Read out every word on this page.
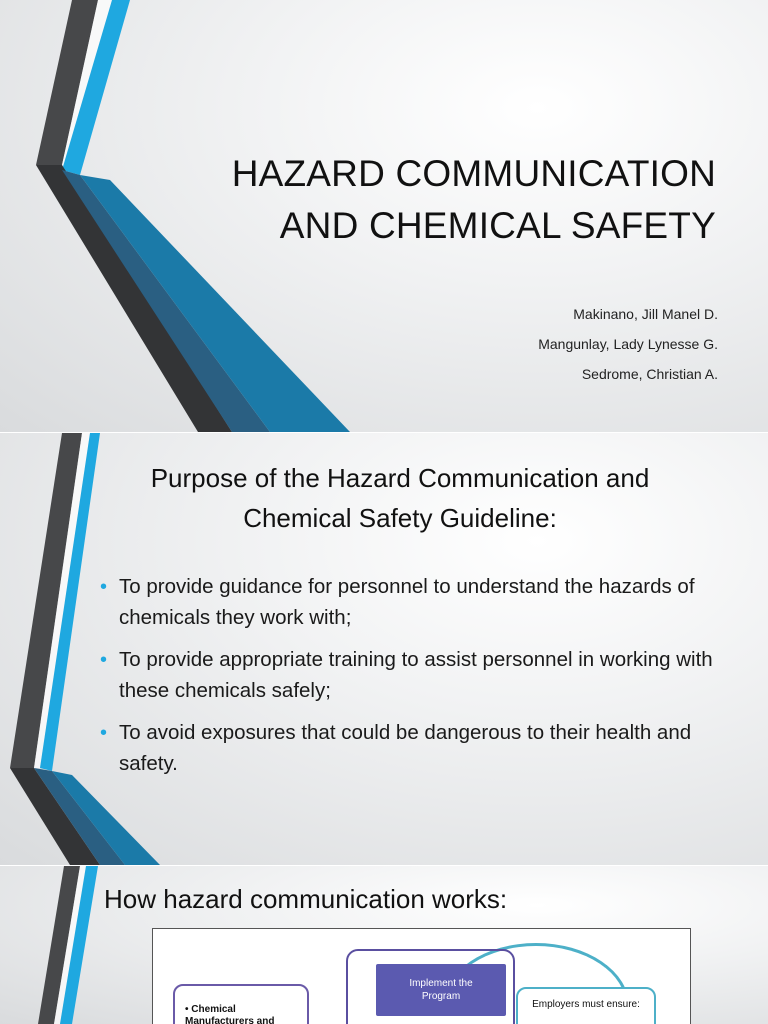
HAZARD COMMUNICATION
AND CHEMICAL SAFETY
Makinano, Jill Manel D.
Mangunlay, Lady Lynesse G.
Sedrome, Christian A.
Purpose of the Hazard Communication and
Chemical Safety Guideline:
• To provide guidance for personnel to understand the hazards of chemicals they work with;
• To provide appropriate training to assist personnel in working with these chemicals safely;
• To avoid exposures that could be dangerous to their health and safety.
How hazard communication works:
• Chemical
Manufacturers and
Implement the
Program
Employers must ensure:
